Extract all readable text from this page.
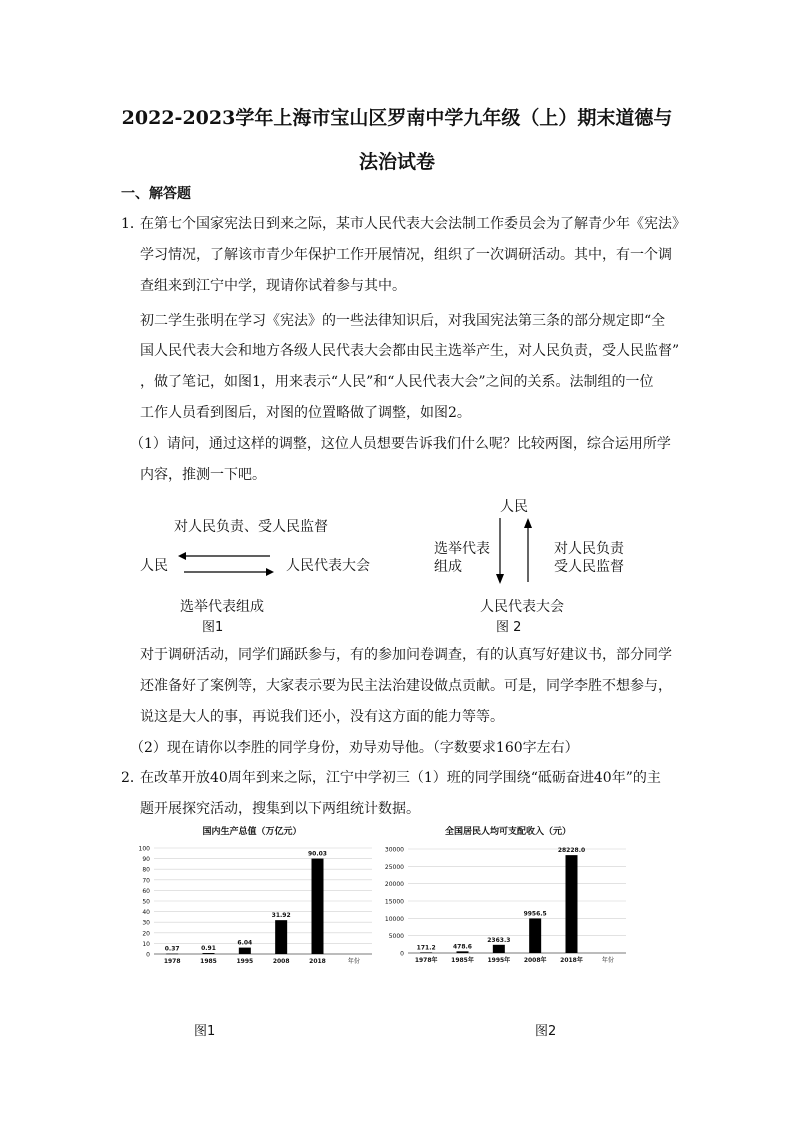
2022-2023学年上海市宝山区罗南中学九年级（上）期末道德与
法治试卷
一、解答题
1．
在第七个国家宪法日到来之际，某市人民代表大会法制工作委员会为了解青少年《宪法》
学习情况，了解该市青少年保护工作开展情况，组织了一次调研活动。其中，有一个调
查组来到江宁中学，现请你试着参与其中。
初二学生张明在学习《宪法》的一些法律知识后，对我国宪法第三条的部分规定即“全
国人民代表大会和地方各级人民代表大会都由民主选举产生，对人民负责，受人民监督”
，做了笔记，如图1，用来表示“人民”和“人民代表大会”之间的关系。法制组的一位
工作人员看到图后，对图的位置略做了调整，如图2。
（1）请问，通过这样的调整，这位人员想要告诉我们什么呢？比较两图，综合运用所学
内容，推测一下吧。
对人民负责、受人民监督
人民	人民代表大会
选举代表组成
图1
人民
选举代表
组成
对人民负责
受人民监督
人民代表大会
图 2
对于调研活动，同学们踊跃参与，有的参加问卷调查，有的认真写好建议书，部分同学
还准备好了案例等，大家表示要为民主法治建设做点贡献。可是，同学李胜不想参与，
说这是大人的事，再说我们还小，没有这方面的能力等等。
（2）现在请你以李胜的同学身份，劝导劝导他。（字数要求160字左右）
2．
在改革开放40周年到来之际，江宁中学初三（1）班的同学围绕“砥砺奋进40年”的主
题开展探究活动，搜集到以下两组统计数据。
国内生产总值（万亿元）
0
10
20
30
40
50
60
70
80
90
100
0.37
1978
0.91
1985
6.04
1995
31.92
2008
90.03
2018	年份
图1
全国居民人均可支配收入（元）
0
5000
10000
15000
20000
25000
30000
171.2
1978年
478.6
1985年
2363.3
1995年
9956.5
2008年
28228.0
2018年	年份
图2
